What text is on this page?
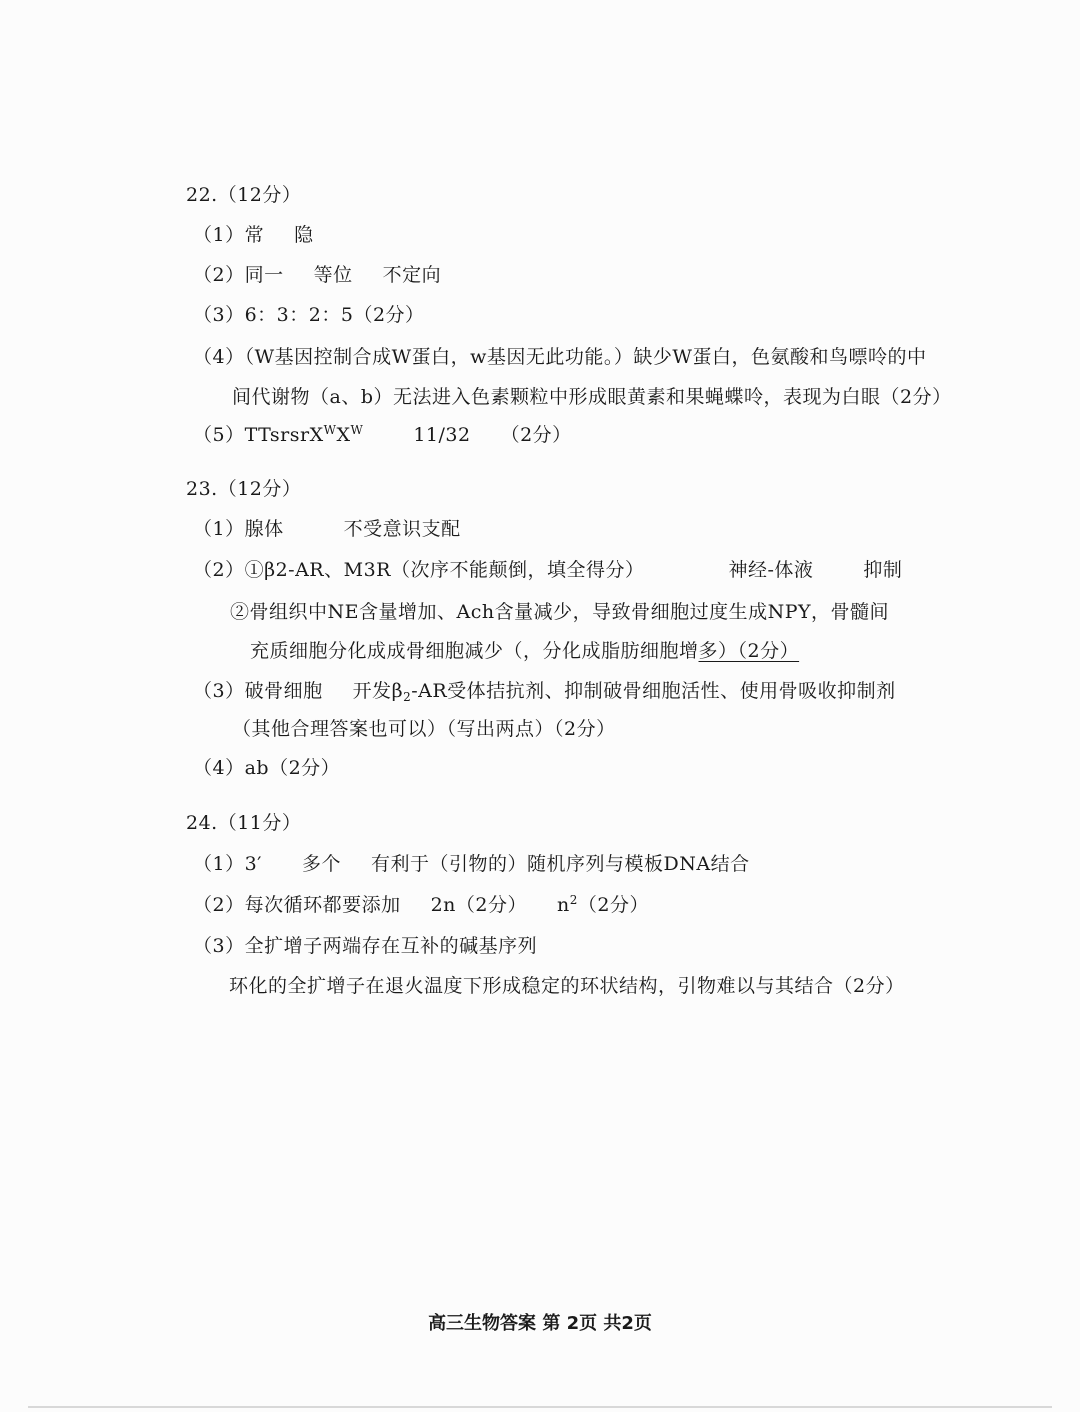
22.（12分）
（1）常 隐
（2）同一 等位 不定向
（3）6：3：2：5（2分）
（4）（W基因控制合成W蛋白，w基因无此功能。）缺少W蛋白，色氨酸和鸟嘌呤的中
间代谢物（a、b）无法进入色素颗粒中形成眼黄素和果蝇蝶呤，表现为白眼（2分）
$(5)TTsrsrX^WX^W$	11/32 （2分）
23.（12分）
（1）腺体	不受意识支配
（2）①β2-AR、M3R（次序不能颠倒，填全得分）	神经-体液	抑制
②骨组织中NE含量增加、Ach含量减少，导致骨细胞过度生成NPY，骨髓间
充质细胞分化成成骨细胞减少（，分化成脂肪细胞增多）（2分）
（3）破骨细胞 开发$\beta_2-AR$受体拮抗剂、抑制破骨细胞活性、使用骨吸收抑制剂
（其他合理答案也可以）（写出两点）（2分）
（4）ab（2分）
24.（11分）
（1）3′ 多个 有利于（引物的）随机序列与模板DNA结合
（2）每次循环都要添加 2n（2分） $n^2(2$分）
（3）全扩增子两端存在互补的碱基序列
环化的全扩增子在退火温度下形成稳定的环状结构，引物难以与其结合（2分）
高三生物答案 第 2页 共2页
